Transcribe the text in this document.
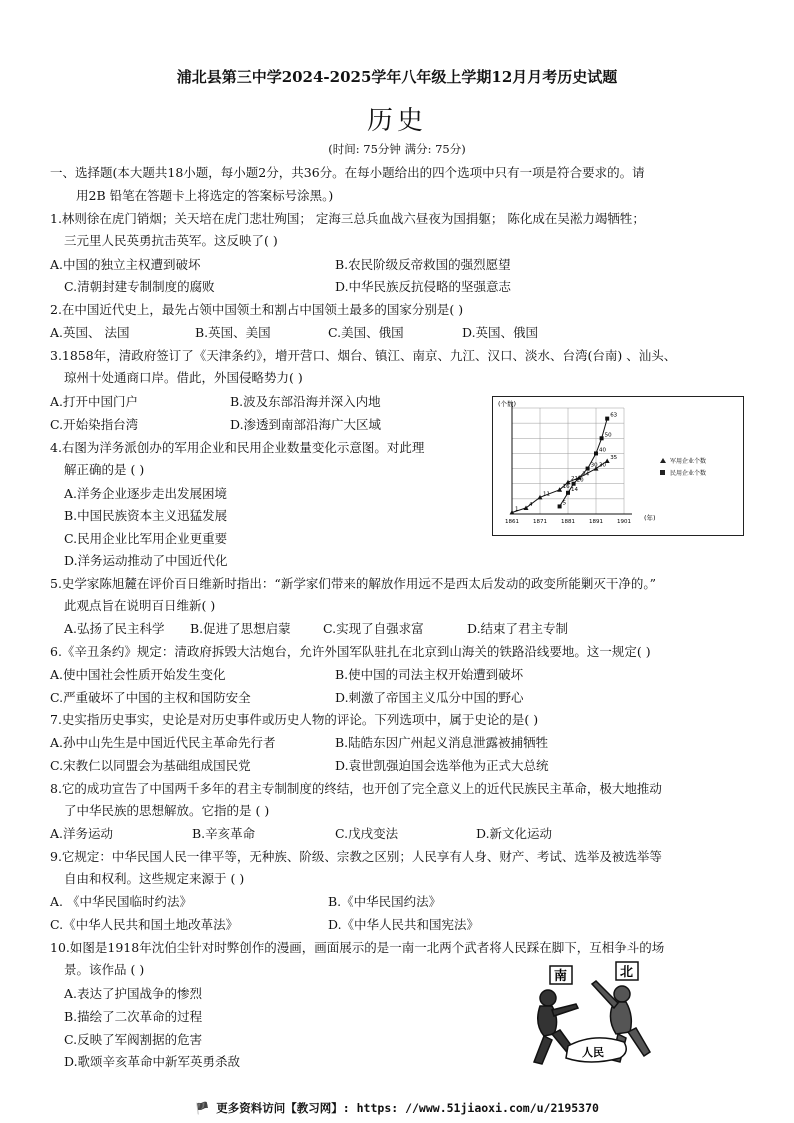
浦北县第三中学2024-2025学年八年级上学期12月月考历史试题
历史
(时间: 75分钟 满分: 75分)
一、选择题(本大题共18小题，每小题2分，共36分。在每小题给出的四个选项中只有一项是符合要求的。请
用2B 铅笔在答题卡上将选定的答案标号涂黑。)
1.林则徐在虎门销烟；关天培在虎门悲壮殉国； 定海三总兵血战六昼夜为国捐躯； 陈化成在吴淞力竭牺牲；
三元里人民英勇抗击英军。这反映了( )
A.中国的独立主权遭到破坏	B.农民阶级反帝救国的强烈愿望
C.清朝封建专制制度的腐败	D.中华民族反抗侵略的坚强意志
2.在中国近代史上，最先占领中国领土和割占中国领土最多的国家分别是( )
A.英国、 法国	B.英国、美国	C.美国、俄国	D.英国、俄国
3.1858年，清政府签订了《天津条约》，增开营口、烟台、镇江、南京、九江、汉口、淡水、台湾(台南) 、汕头、
琼州十处通商口岸。借此，外国侵略势力( )
A.打开中国门户	B.波及东部沿海并深入内地
C.开始染指台湾	D.渗透到南部沿海广大区域
4.右图为洋务派创办的军用企业和民用企业数量变化示意图。对此理
解正确的是 ( )
A.洋务企业逐步走出发展困境
B.中国民族资本主义迅猛发展
C.民用企业比军用企业更重要
D.洋务运动推动了中国近代化
1861	1871	1881	1891	1901
1
4
11
16
21
24
30
35
5
14
20
30
40
50
63
(个数)
(年)
军用企业个数
民用企业个数
5.史学家陈旭麓在评价百日维新时指出：“新学家们带来的解放作用远不是西太后发动的政变所能剿灭干净的。”
此观点旨在说明百日维新( )
A.弘扬了民主科学 B.促进了思想启蒙	C.实现了自强求富	D.结束了君主专制
6.《辛丑条约》规定：清政府拆毁大沽炮台，允许外国军队驻扎在北京到山海关的铁路沿线要地。这一规定( )
A.使中国社会性质开始发生变化	B.使中国的司法主权开始遭到破坏
C.严重破坏了中国的主权和国防安全	D.刺激了帝国主义瓜分中国的野心
7.史实指历史事实，史论是对历史事件或历史人物的评论。下列选项中，属于史论的是( )
A.孙中山先生是中国近代民主革命先行者	B.陆皓东因广州起义消息泄露被捕牺牲
C.宋教仁以同盟会为基础组成国民党	D.袁世凯强迫国会选举他为正式大总统
8.它的成功宣告了中国两千多年的君主专制制度的终结，也开创了完全意义上的近代民族民主革命，极大地推动
了中华民族的思想解放。它指的是 ( )
A.洋务运动	B.辛亥革命	C.戊戌变法	D.新文化运动
9.它规定：中华民国人民一律平等，无种族、阶级、宗教之区别；人民享有人身、财产、考试、选举及被选举等
自由和权利。这些规定来源于 ( )
A. 《中华民国临时约法》	B.《中华民国约法》
C.《中华人民共和国土地改革法》	D.《中华人民共和国宪法》
10.如图是1918年沈伯尘针对时弊创作的漫画，画面展示的是一南一北两个武者将人民踩在脚下，互相争斗的场
景。该作品 ( )
A.表达了护国战争的惨烈
B.描绘了二次革命的过程
C.反映了军阀割据的危害
D.歌颂辛亥革命中新军英勇杀敌
南	北
人民
🏴 更多资料访问【教习网】: https: //www.51jiaoxi.com/u/2195370
